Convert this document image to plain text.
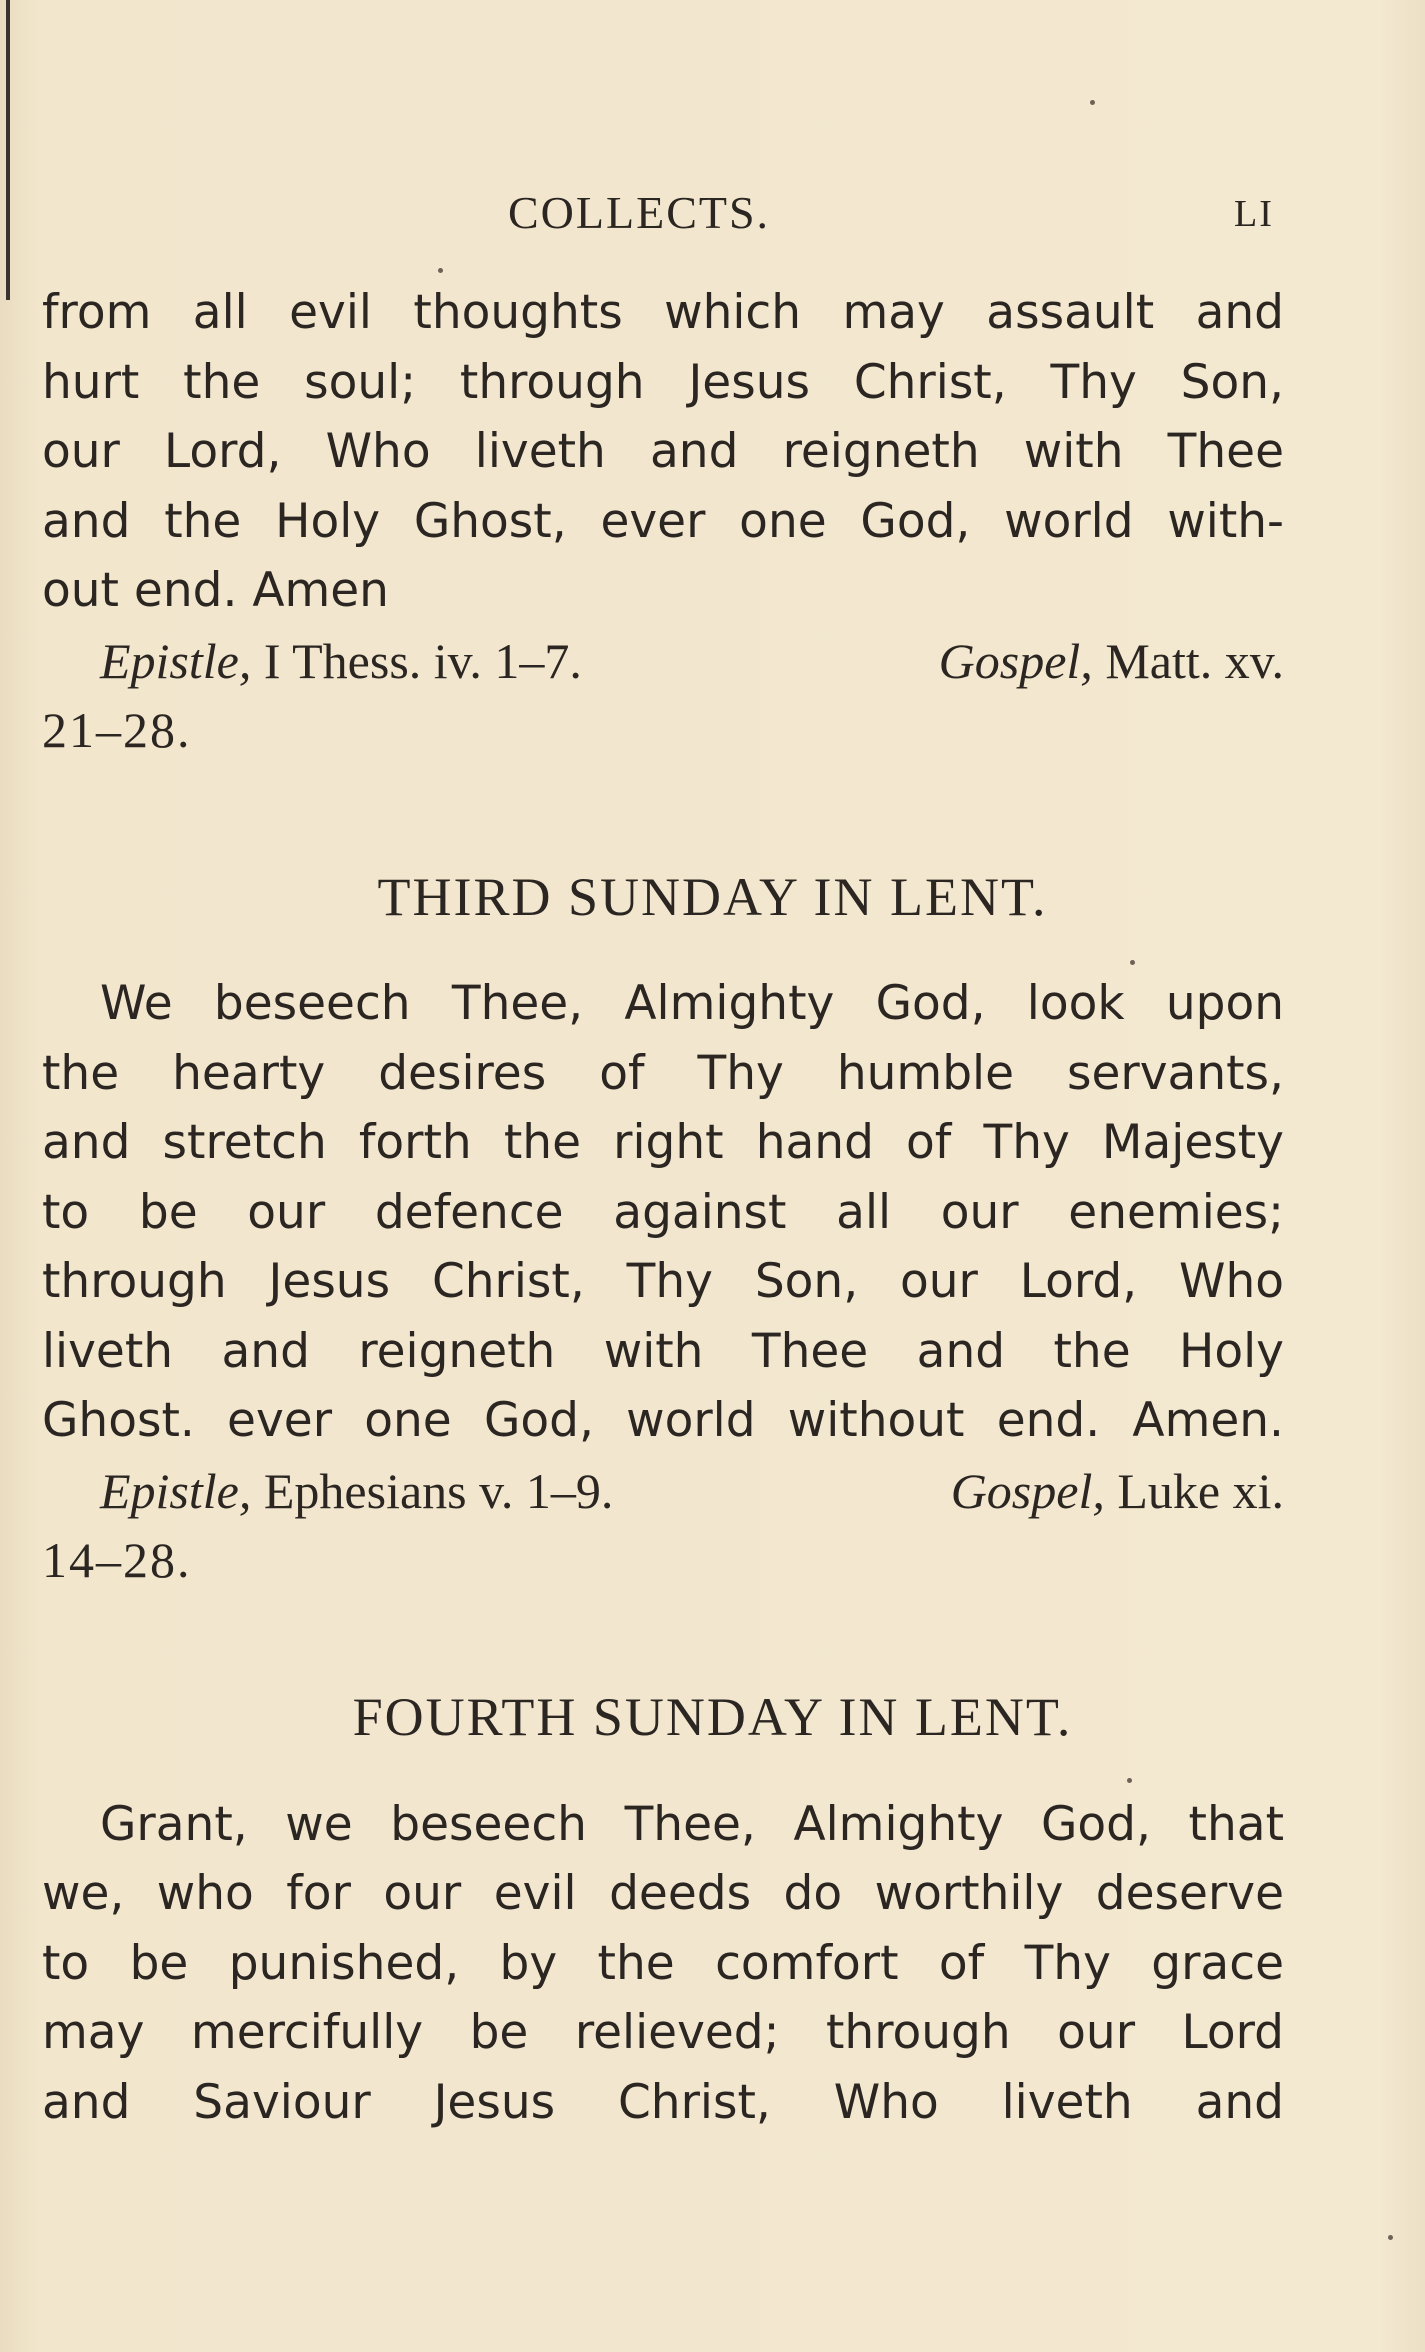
COLLECTS.	LI
from all evil thoughts which may assault and
hurt the soul; through Jesus Christ, Thy Son,
our Lord, Who liveth and reigneth with Thee
and the Holy Ghost, ever one God, world with-
out end. Amen
Epistle, I Thess. iv. 1–7.	Gospel, Matt. xv.
21–28.
THIRD SUNDAY IN LENT.
We beseech Thee, Almighty God, look upon
the hearty desires of Thy humble servants,
and stretch forth the right hand of Thy Majesty
to be our defence against all our enemies;
through Jesus Christ, Thy Son, our Lord, Who
liveth and reigneth with Thee and the Holy
Ghost. ever one God, world without end. Amen.
Epistle, Ephesians v. 1–9.	Gospel, Luke xi.
14–28.
FOURTH SUNDAY IN LENT.
Grant, we beseech Thee, Almighty God, that
we, who for our evil deeds do worthily deserve
to be punished, by the comfort of Thy grace
may mercifully be relieved; through our Lord
and Saviour Jesus Christ, Who liveth and
